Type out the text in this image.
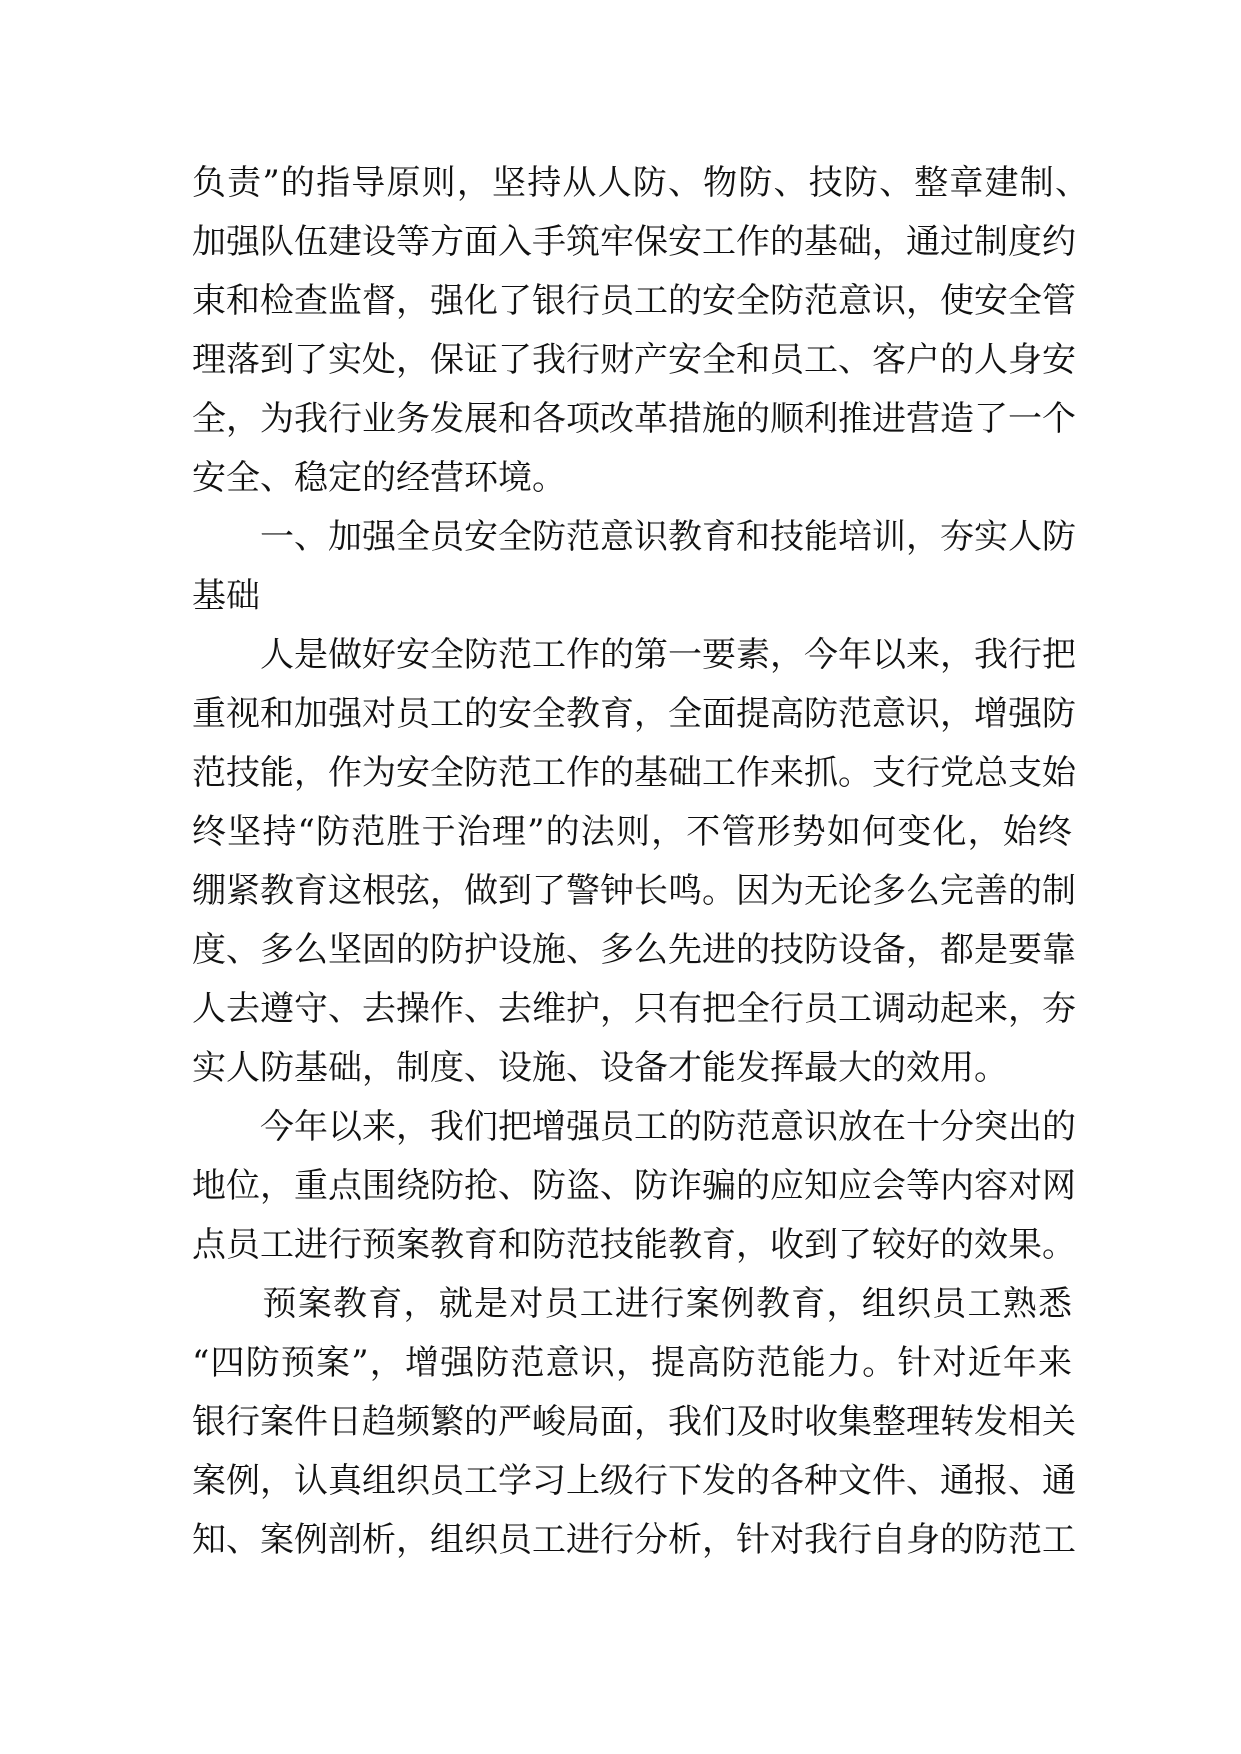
负责”的指导原则，坚持从人防、物防、技防、整章建制、
加强队伍建设等方面入手筑牢保安工作的基础，通过制度约
束和检查监督，强化了银行员工的安全防范意识，使安全管
理落到了实处，保证了我行财产安全和员工、客户的人身安
全，为我行业务发展和各项改革措施的顺利推进营造了一个
安全、稳定的经营环境。
　　一、加强全员安全防范意识教育和技能培训，夯实人防
基础
　　人是做好安全防范工作的第一要素，今年以来，我行把
重视和加强对员工的安全教育，全面提高防范意识，增强防
范技能，作为安全防范工作的基础工作来抓。支行党总支始
终坚持“防范胜于治理”的法则，不管形势如何变化，始终
绷紧教育这根弦，做到了警钟长鸣。因为无论多么完善的制
度、多么坚固的防护设施、多么先进的技防设备，都是要靠
人去遵守、去操作、去维护，只有把全行员工调动起来，夯
实人防基础，制度、设施、设备才能发挥最大的效用。
　　今年以来，我们把增强员工的防范意识放在十分突出的
地位，重点围绕防抢、防盗、防诈骗的应知应会等内容对网
点员工进行预案教育和防范技能教育，收到了较好的效果。
　　预案教育，就是对员工进行案例教育，组织员工熟悉
“四防预案”，增强防范意识，提高防范能力。针对近年来
银行案件日趋频繁的严峻局面，我们及时收集整理转发相关
案例，认真组织员工学习上级行下发的各种文件、通报、通
知、案例剖析，组织员工进行分析，针对我行自身的防范工
